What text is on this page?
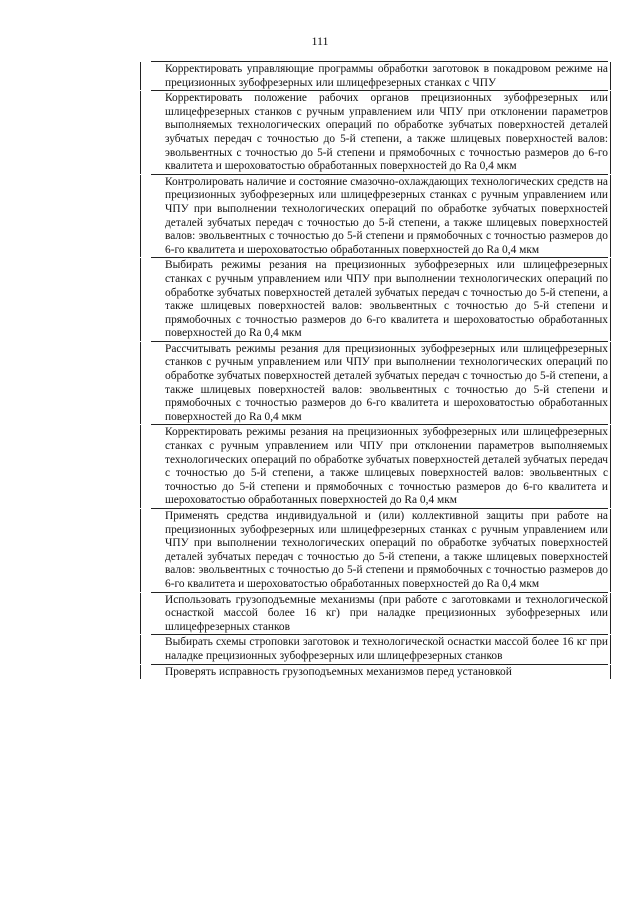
111
Корректировать управляющие программы обработки заготовок в покадровом режиме на прецизионных зубофрезерных или шлицефрезерных станках с ЧПУ
Корректировать положение рабочих органов прецизионных зубофрезерных или шлицефрезерных станков с ручным управлением или ЧПУ при отклонении параметров выполняемых технологических операций по обработке зубчатых поверхностей деталей зубчатых передач с точностью до 5-й степени, а также шлицевых поверхностей валов: эвольвентных с точностью до 5-й степени и прямобочных с точностью размеров до 6-го квалитета и шероховатостью обработанных поверхностей до Ra 0,4 мкм
Контролировать наличие и состояние смазочно-охлаждающих технологических средств на прецизионных зубофрезерных или шлицефрезерных станках с ручным управлением или ЧПУ при выполнении технологических операций по обработке зубчатых поверхностей деталей зубчатых передач с точностью до 5-й степени, а также шлицевых поверхностей валов: эвольвентных с точностью до 5-й степени и прямобочных с точностью размеров до 6-го квалитета и шероховатостью обработанных поверхностей до Ra 0,4 мкм
Выбирать режимы резания на прецизионных зубофрезерных или шлицефрезерных станках с ручным управлением или ЧПУ при выполнении технологических операций по обработке зубчатых поверхностей деталей зубчатых передач с точностью до 5-й степени, а также шлицевых поверхностей валов: эвольвентных с точностью до 5-й степени и прямобочных с точностью размеров до 6-го квалитета и шероховатостью обработанных поверхностей до Ra 0,4 мкм
Рассчитывать режимы резания для прецизионных зубофрезерных или шлицефрезерных станков с ручным управлением или ЧПУ при выполнении технологических операций по обработке зубчатых поверхностей деталей зубчатых передач с точностью до 5-й степени, а также шлицевых поверхностей валов: эвольвентных с точностью до 5-й степени и прямобочных с точностью размеров до 6-го квалитета и шероховатостью обработанных поверхностей до Ra 0,4 мкм
Корректировать режимы резания на прецизионных зубофрезерных или шлицефрезерных станках с ручным управлением или ЧПУ при отклонении параметров выполняемых технологических операций по обработке зубчатых поверхностей деталей зубчатых передач с точностью до 5-й степени, а также шлицевых поверхностей валов: эвольвентных с точностью до 5-й степени и прямобочных с точностью размеров до 6-го квалитета и шероховатостью обработанных поверхностей до Ra 0,4 мкм
Применять средства индивидуальной и (или) коллективной защиты при работе на прецизионных зубофрезерных или шлицефрезерных станках с ручным управлением или ЧПУ при выполнении технологических операций по обработке зубчатых поверхностей деталей зубчатых передач с точностью до 5-й степени, а также шлицевых поверхностей валов: эвольвентных с точностью до 5-й степени и прямобочных с точностью размеров до 6-го квалитета и шероховатостью обработанных поверхностей до Ra 0,4 мкм
Использовать грузоподъемные механизмы (при работе с заготовками и технологической оснасткой массой более 16 кг) при наладке прецизионных зубофрезерных или шлицефрезерных станков
Выбирать схемы строповки заготовок и технологической оснастки массой более 16 кг при наладке прецизионных зубофрезерных или шлицефрезерных станков
Проверять исправность грузоподъемных механизмов перед установкой
